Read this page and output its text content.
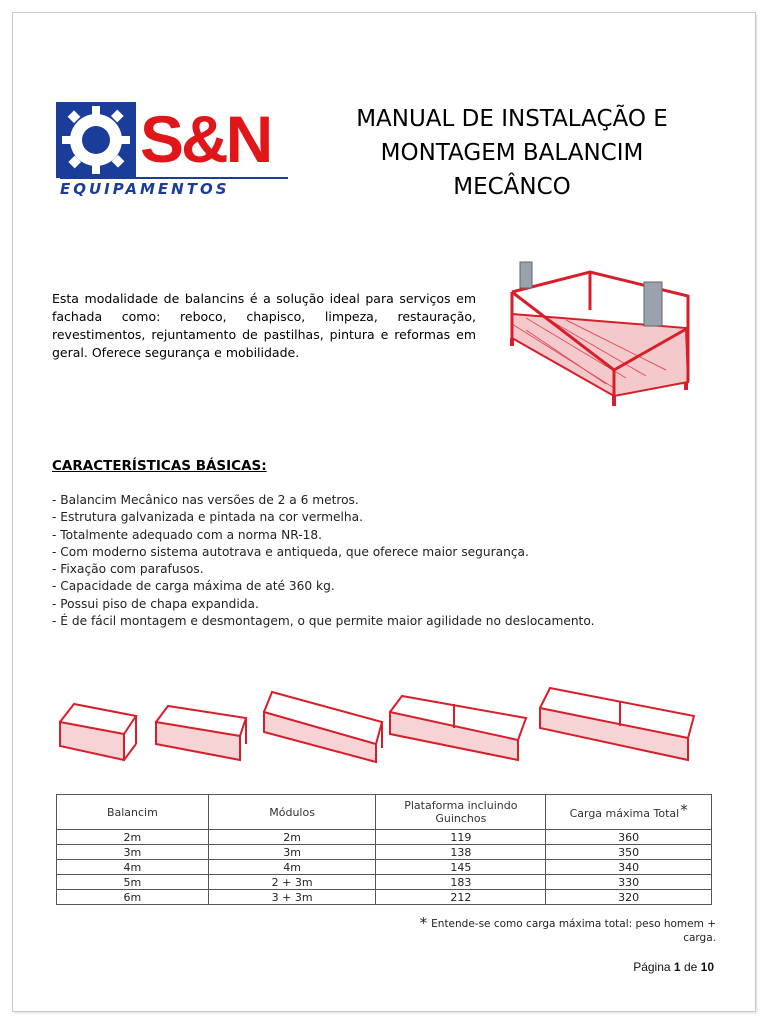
S&N
EQUIPAMENTOS
MANUAL DE INSTALAÇÃO E
MONTAGEM BALANCIM
MECÂNCO

Esta modalidade de balancins é a solução ideal para serviços em fachada como: reboco, chapisco, limpeza, restauração, revestimentos, rejuntamento de pastilhas, pintura e reformas em geral. Oferece segurança e mobilidade.

CARACTERÍSTICAS BÁSICAS:
- Balancim Mecânico nas versões de 2 a 6 metros.
- Estrutura galvanizada e pintada na cor vermelha.
- Totalmente adequado com a norma NR-18.
- Com moderno sistema autotrava e antiqueda, que oferece maior segurança.
- Fixação com parafusos.
- Capacidade de carga máxima de até 360 kg.
- Possui piso de chapa expandida.
- É de fácil montagem e desmontagem, o que permite maior agilidade no deslocamento.
Balancim	Módulos	Plataforma incluindo Guinchos	Carga máxima Total*
2m	2m	119	360
3m	3m	138	350
4m	4m	145	340
5m	2 + 3m	183	330
6m	3 + 3m	212	320
* Entende-se como carga máxima total: peso homem + carga.
Página 1 de 10
